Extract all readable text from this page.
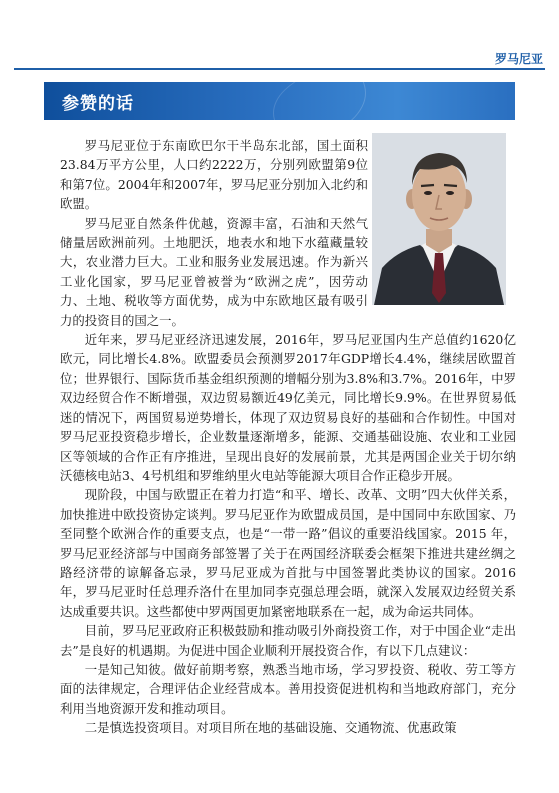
罗马尼亚
参赞的话

罗马尼亚位于东南欧巴尔干半岛东北部，国土面积23.84万平方公里，人口约2222万，分别列欧盟第9位和第7位。2004年和2007年，罗马尼亚分别加入北约和欧盟。

罗马尼亚自然条件优越，资源丰富，石油和天然气储量居欧洲前列。土地肥沃，地表水和地下水蕴藏量较大，农业潜力巨大。工业和服务业发展迅速。作为新兴工业化国家，罗马尼亚曾被誉为“欧洲之虎”，因劳动力、土地、税收等方面优势，成为中东欧地区最有吸引力的投资目的国之一。

近年来，罗马尼亚经济迅速发展，2016年，罗马尼亚国内生产总值约1620亿欧元，同比增长4.8%。欧盟委员会预测罗2017年GDP增长4.4%，继续居欧盟首位；世界银行、国际货币基金组织预测的增幅分别为3.8%和3.7%。2016年，中罗双边经贸合作不断增强，双边贸易额近49亿美元，同比增长9.9%。在世界贸易低迷的情况下，两国贸易逆势增长，体现了双边贸易良好的基础和合作韧性。中国对罗马尼亚投资稳步增长，企业数量逐渐增多，能源、交通基础设施、农业和工业园区等领域的合作正有序推进，呈现出良好的发展前景，尤其是两国企业关于切尔纳沃德核电站3、4号机组和罗维纳里火电站等能源大项目合作正稳步开展。

现阶段，中国与欧盟正在着力打造“和平、增长、改革、文明”四大伙伴关系，加快推进中欧投资协定谈判。罗马尼亚作为欧盟成员国，是中国同中东欧国家、乃至同整个欧洲合作的重要支点，也是“一带一路”倡议的重要沿线国家。2015 年，罗马尼亚经济部与中国商务部签署了关于在两国经济联委会框架下推进共建丝绸之路经济带的谅解备忘录，罗马尼亚成为首批与中国签署此类协议的国家。2016 年，罗马尼亚时任总理乔洛什在里加同李克强总理会晤，就深入发展双边经贸关系达成重要共识。这些都使中罗两国更加紧密地联系在一起，成为命运共同体。

目前，罗马尼亚政府正积极鼓励和推动吸引外商投资工作，对于中国企业“走出去”是良好的机遇期。为促进中国企业顺利开展投资合作，有以下几点建议：

一是知己知彼。做好前期考察，熟悉当地市场，学习罗投资、税收、劳工等方面的法律规定，合理评估企业经营成本。善用投资促进机构和当地政府部门，充分利用当地资源开发和推动项目。

二是慎选投资项目。对项目所在地的基础设施、交通物流、优惠政策
